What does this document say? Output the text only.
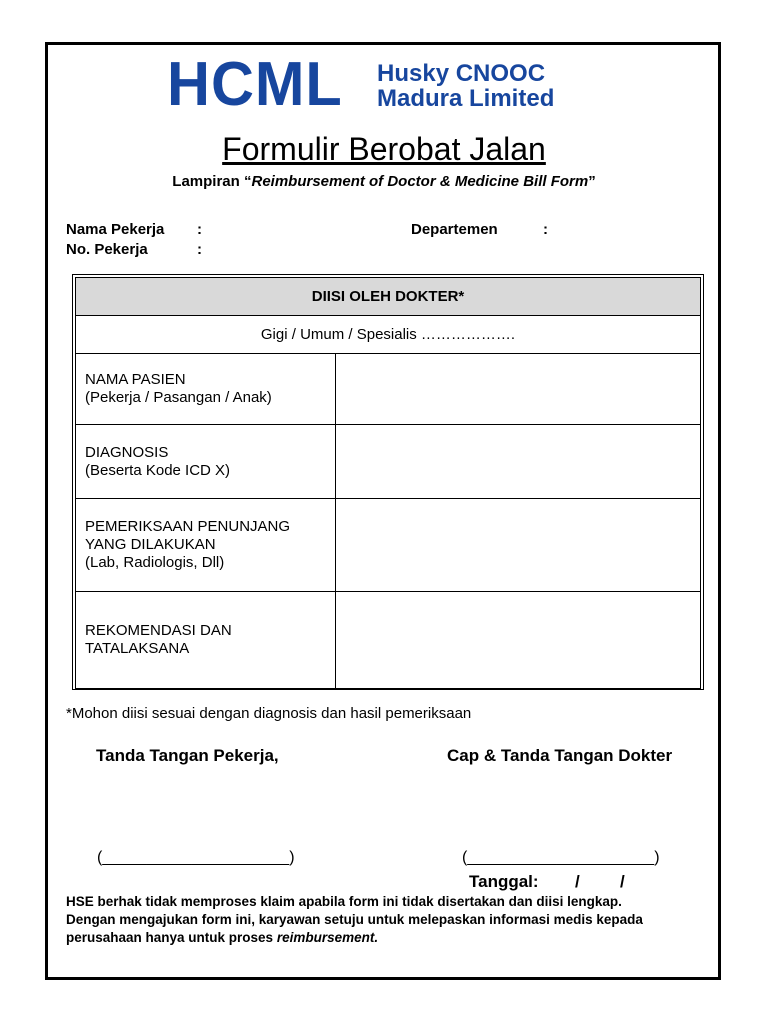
HCML Husky CNOOC
Madura Limited
Formulir Berobat Jalan
Lampiran “Reimbursement of Doctor & Medicine Bill Form”
Nama Pekerja :
No. Pekerja	:
Departemen	:
DIISI OLEH DOKTER*	
Gigi / Umum / Spesialis ……………….	

NAMA PASIEN
(Pekerja / Pasangan / Anak)	

DIAGNOSIS
(Beserta Kode ICD X)	

PEMERIKSAAN PENUNJANG
YANG DILAKUKAN
(Lab, Radiologis, Dll)	

REKOMENDASI DAN
TATALAKSANA	

*Mohon diisi sesuai dengan diagnosis dan hasil pemeriksaan
Tanda Tangan Pekerja,	Cap & Tanda Tangan Dokter
(_____________________)	(_____________________)
Tanggal: / /
HSE berhak tidak memproses klaim apabila form ini tidak disertakan dan diisi lengkap.
Dengan mengajukan form ini, karyawan setuju untuk melepaskan informasi medis kepada
perusahaan hanya untuk proses reimbursement.
